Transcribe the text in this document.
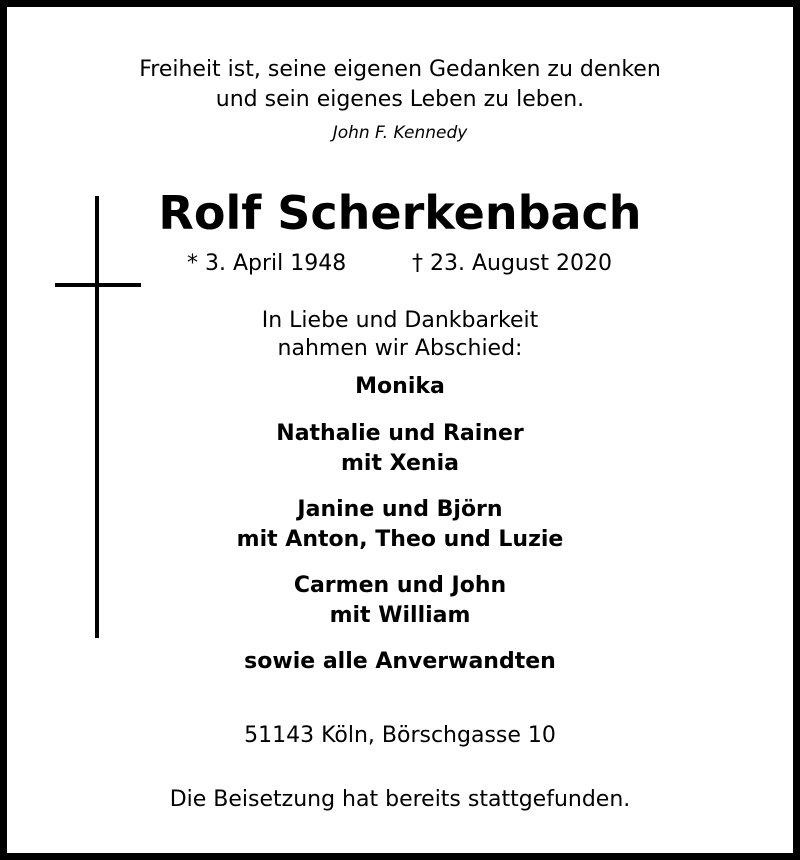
Freiheit ist, seine eigenen Gedanken zu denken
und sein eigenes Leben zu leben.
John F. Kennedy
Rolf Scherkenbach
* 3. April 1948	† 23. August 2020
In Liebe und Dankbarkeit
nahmen wir Abschied:
Monika
Nathalie und Rainer
mit Xenia
Janine und Björn
mit Anton, Theo und Luzie
Carmen und John
mit William
sowie alle Anverwandten
51143 Köln, Börschgasse 10
Die Beisetzung hat bereits stattgefunden.
